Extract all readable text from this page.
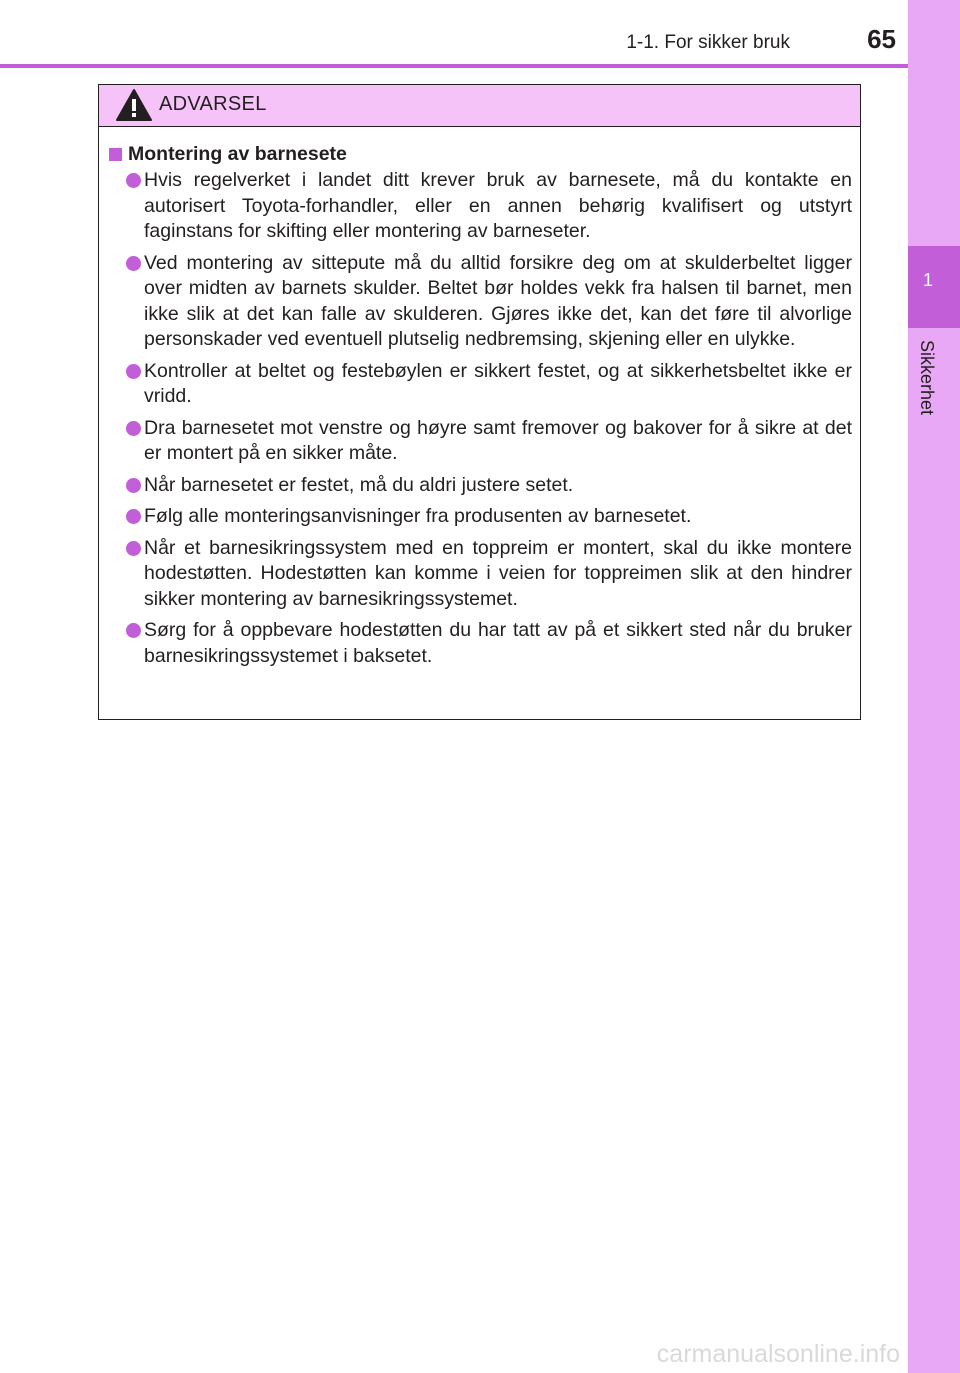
1
Sikkerhet
1-1. For sikker bruk	65
ADVARSEL
Montering av barnesete
Hvis regelverket i landet ditt krever bruk av barnesete, må du kontakte en autorisert Toyota-forhandler, eller en annen behørig kvalifisert og utstyrt faginstans for skifting eller montering av barneseter.
Ved montering av sittepute må du alltid forsikre deg om at skulderbeltet ligger over midten av barnets skulder. Beltet bør holdes vekk fra halsen til barnet, men ikke slik at det kan falle av skulderen. Gjøres ikke det, kan det føre til alvorlige personskader ved eventuell plutselig nedbremsing, skjening eller en ulykke.
Kontroller at beltet og festebøylen er sikkert festet, og at sikkerhetsbeltet ikke er vridd.
Dra barnesetet mot venstre og høyre samt fremover og bakover for å sikre at det er montert på en sikker måte.
Når barnesetet er festet, må du aldri justere setet.
Følg alle monteringsanvisninger fra produsenten av barnesetet.
Når et barnesikringssystem med en toppreim er montert, skal du ikke montere hodestøtten. Hodestøtten kan komme i veien for toppreimen slik at den hindrer sikker montering av barnesikringssystemet.
Sørg for å oppbevare hodestøtten du har tatt av på et sikkert sted når du bruker barnesikringssystemet i baksetet.
carmanualsonline.info
